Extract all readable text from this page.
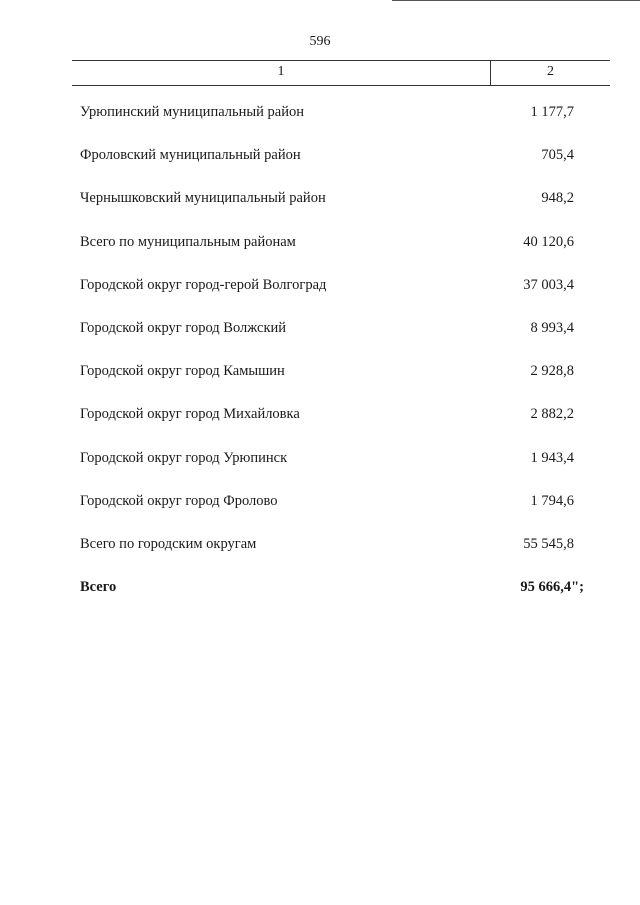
596
1	2
Урюпинский муниципальный район	1 177,7
Фроловский муниципальный район	705,4
Чернышковский муниципальный район	948,2
Всего по муниципальным районам	40 120,6
Городской округ город-герой Волгоград	37 003,4
Городской округ город Волжский	8 993,4
Городской округ город Камышин	2 928,8
Городской округ город Михайловка	2 882,2
Городской округ город Урюпинск	1 943,4
Городской округ город Фролово	1 794,6
Всего по городским округам	55 545,8
Всего	95 666,4";
